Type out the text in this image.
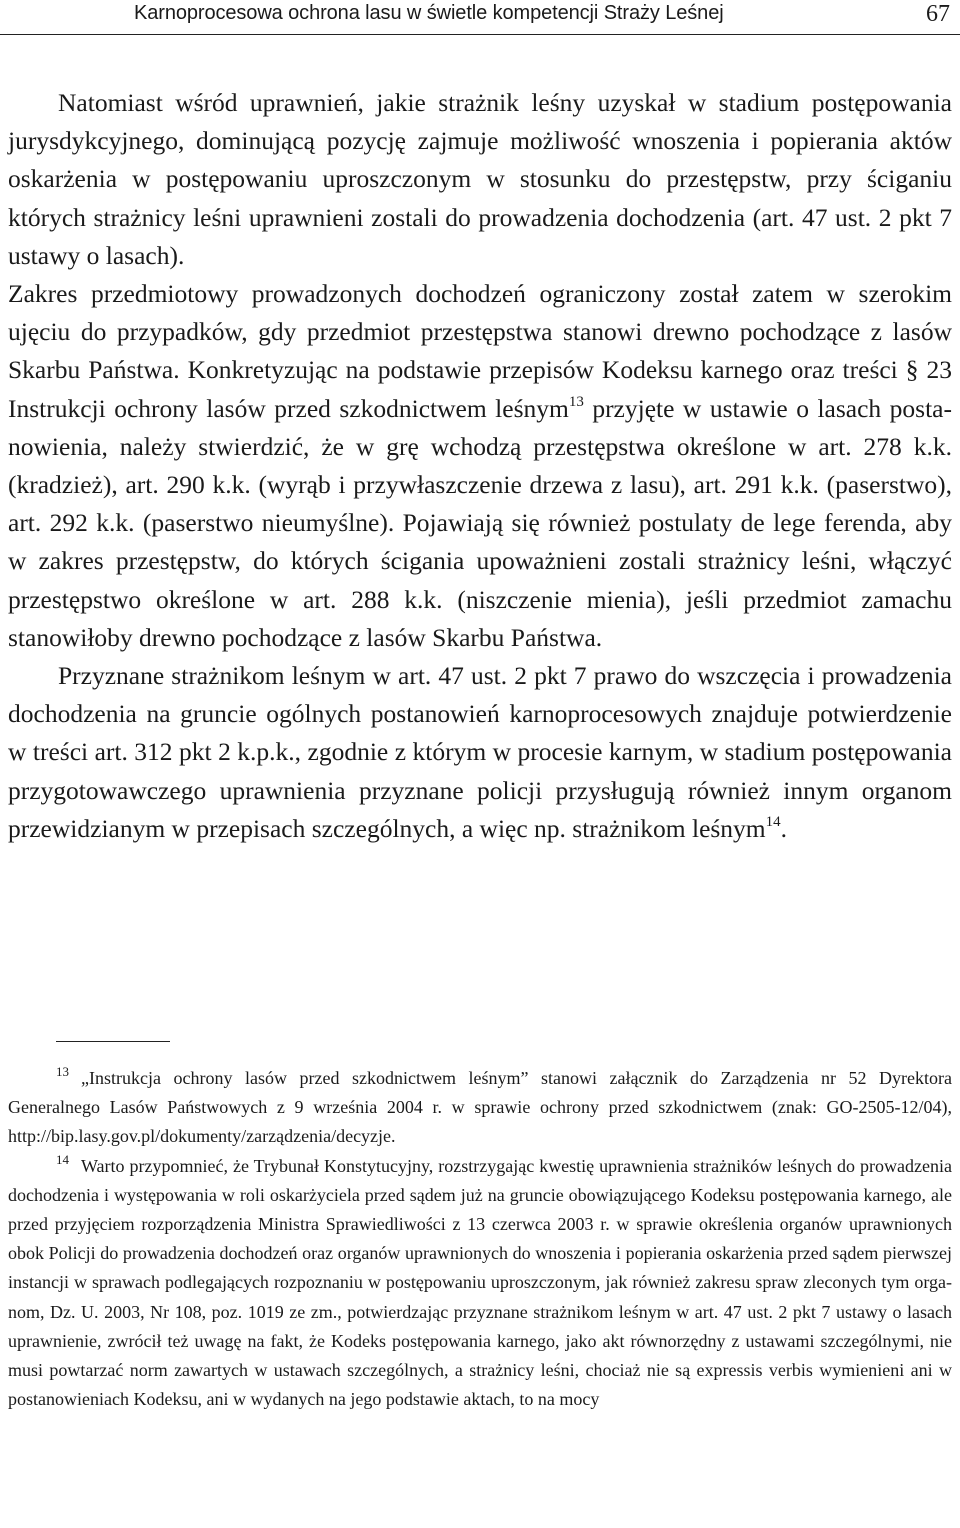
Karnoprocesowa ochrona lasu w świetle kompetencji Straży Leśnej	67

Natomiast wśród uprawnień, jakie strażnik leśny uzyskał w stadium postępowania jurysdykcyjnego, dominującą pozycję zajmuje możliwość wnoszenia i popierania aktów oskarżenia w postępowaniu uproszczonym w stosunku do przestępstw, przy ściganiu których strażnicy leśni uprawnieni zostali do prowadzenia dochodzenia (art. 47 ust. 2 pkt 7 ustawy o lasach).

Zakres przedmiotowy prowadzonych dochodzeń ograniczony został zatem w szerokim ujęciu do przypadków, gdy przedmiot przestępstwa stanowi drewno pochodzące z lasów Skarbu Państwa. Konkretyzując na podstawie przepisów Kodeksu karnego oraz treści § 23 Instrukcji ochrony lasów przed szkodnictwem leśnym$^{13}$ przyjęte w ustawie o lasach postanowienia, należy stwierdzić, że w grę wchodzą przestępstwa określone w art. 278 k.k. (kradzież), art. 290 k.k. (wyrąb i przywłaszczenie drzewa z lasu), art. 291 k.k. (paserstwo), art. 292 k.k. (paserstwo nieumyślne). Pojawiają się również postulaty de lege ferenda, aby w zakres przestępstw, do których ścigania upoważnieni zostali strażnicy leśni, włączyć przestępstwo określone w art. 288 k.k. (niszczenie mienia), jeśli przedmiot zamachu stanowiłoby drewno pochodzące z lasów Skarbu Państwa.

Przyznane strażnikom leśnym w art. 47 ust. 2 pkt 7 prawo do wszczęcia i prowadzenia dochodzenia na gruncie ogólnych postanowień karnoprocesowych znajduje potwierdzenie w treści art. 312 pkt 2 k.p.k., zgodnie z którym w procesie karnym, w stadium postępowania przygotowawczego uprawnienia przyznane policji przysługują również innym organom przewidzianym w przepisach szczególnych, a więc np. strażnikom leśnym$^{14}$.

$^{13}$ „Instrukcja ochrony lasów przed szkodnictwem leśnym” stanowi załącznik do Zarządzenia nr 52 Dyrektora Generalnego Lasów Państwowych z 9 września 2004 r. w sprawie ochrony przed szkodnictwem (znak: GO-2505-12/04), http://bip.lasy.gov.pl/dokumenty/zarządzenia/decyzje.

$^{14}$ Warto przypomnieć, że Trybunał Konstytucyjny, rozstrzygając kwestię uprawnienia strażników leśnych do prowadzenia dochodzenia i występowania w roli oskarżyciela przed sądem już na gruncie obowiązującego Kodeksu postępowania karnego, ale przed przyjęciem rozporządzenia Ministra Sprawiedliwości z 13 czerwca 2003 r. w sprawie określenia organów uprawnionych obok Policji do prowadzenia dochodzeń oraz organów uprawnionych do wnoszenia i popierania oskarżenia przed sądem pierwszej instancji w sprawach podlegających rozpoznaniu w postępowaniu uproszczonym, jak również zakresu spraw zleconych tym organom, Dz. U. 2003, Nr 108, poz. 1019 ze zm., potwierdzając przyznane strażnikom leśnym w art. 47 ust. 2 pkt 7 ustawy o lasach uprawnienie, zwrócił też uwagę na fakt, że Kodeks postępowania karnego, jako akt równorzędny z ustawami szczególnymi, nie musi powtarzać norm zawartych w ustawach szczególnych, a strażnicy leśni, chociaż nie są expressis verbis wymienieni ani w postanowieniach Kodeksu, ani w wydanych na jego podstawie aktach, to na mocy
